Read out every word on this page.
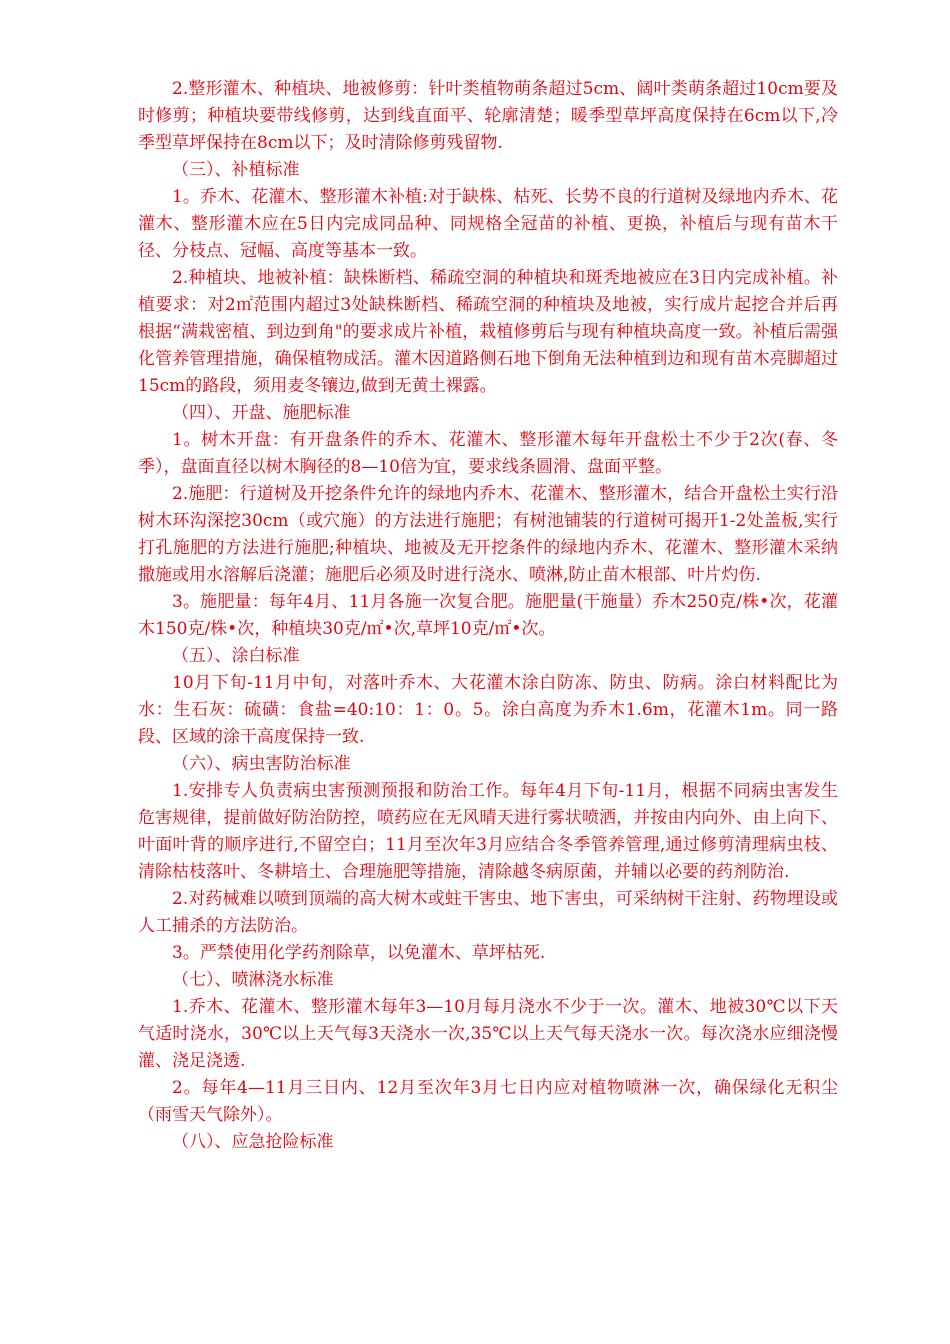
2.整形灌木、种植块、地被修剪：针叶类植物萌条超过5cm、阔叶类萌条超过10cm要及时修剪；种植块要带线修剪，达到线直面平、轮廓清楚；暖季型草坪高度保持在6cm以下,冷季型草坪保持在8cm以下；及时清除修剪残留物.

（三）、补植标准

1。乔木、花灌木、整形灌木补植:对于缺株、枯死、长势不良的行道树及绿地内乔木、花灌木、整形灌木应在5日内完成同品种、同规格全冠苗的补植、更换，补植后与现有苗木干径、分枝点、冠幅、高度等基本一致。

2.种植块、地被补植：缺株断档、稀疏空洞的种植块和斑秃地被应在3日内完成补植。补植要求：对2㎡范围内超过3处缺株断档、稀疏空洞的种植块及地被，实行成片起挖合并后再根据“满栽密植、到边到角"的要求成片补植，栽植修剪后与现有种植块高度一致。补植后需强化管养管理措施，确保植物成活。灌木因道路侧石地下倒角无法种植到边和现有苗木亮脚超过15cm的路段，须用麦冬镶边,做到无黄土裸露。

（四）、开盘、施肥标准

1。树木开盘：有开盘条件的乔木、花灌木、整形灌木每年开盘松土不少于2次(春、冬季），盘面直径以树木胸径的8—10倍为宜，要求线条圆滑、盘面平整。

2.施肥：行道树及开挖条件允许的绿地内乔木、花灌木、整形灌木，结合开盘松土实行沿树木环沟深挖30cm（或穴施）的方法进行施肥；有树池铺装的行道树可揭开1-2处盖板,实行打孔施肥的方法进行施肥;种植块、地被及无开挖条件的绿地内乔木、花灌木、整形灌木采纳撒施或用水溶解后浇灌；施肥后必须及时进行浇水、喷淋,防止苗木根部、叶片灼伤.

3。施肥量：每年4月、11月各施一次复合肥。施肥量(干施量）乔木250克/株•次，花灌木150克/株•次，种植块30克/㎡•次,草坪10克/㎡•次。

（五）、涂白标准

10月下旬-11月中旬，对落叶乔木、大花灌木涂白防冻、防虫、防病。涂白材料配比为水：生石灰：硫磺：食盐=40:10：1：0。5。涂白高度为乔木1.6m，花灌木1m。同一路段、区域的涂干高度保持一致.

（六）、病虫害防治标准

1.安排专人负责病虫害预测预报和防治工作。每年4月下旬-11月，根据不同病虫害发生危害规律，提前做好防治防控，喷药应在无风晴天进行雾状喷洒，并按由内向外、由上向下、叶面叶背的顺序进行,不留空白；11月至次年3月应结合冬季管养管理,通过修剪清理病虫枝、清除枯枝落叶、冬耕培土、合理施肥等措施，清除越冬病原菌，并辅以必要的药剂防治.

2.对药械难以喷到顶端的高大树木或蛀干害虫、地下害虫，可采纳树干注射、药物埋设或人工捕杀的方法防治。

3。严禁使用化学药剂除草，以免灌木、草坪枯死.

（七）、喷淋浇水标准

1.乔木、花灌木、整形灌木每年3—10月每月浇水不少于一次。灌木、地被30℃以下天气适时浇水，30℃以上天气每3天浇水一次,35℃以上天气每天浇水一次。每次浇水应细浇慢灌、浇足浇透.

2。每年4—11月三日内、12月至次年3月七日内应对植物喷淋一次，确保绿化无积尘（雨雪天气除外）。

（八）、应急抢险标准
